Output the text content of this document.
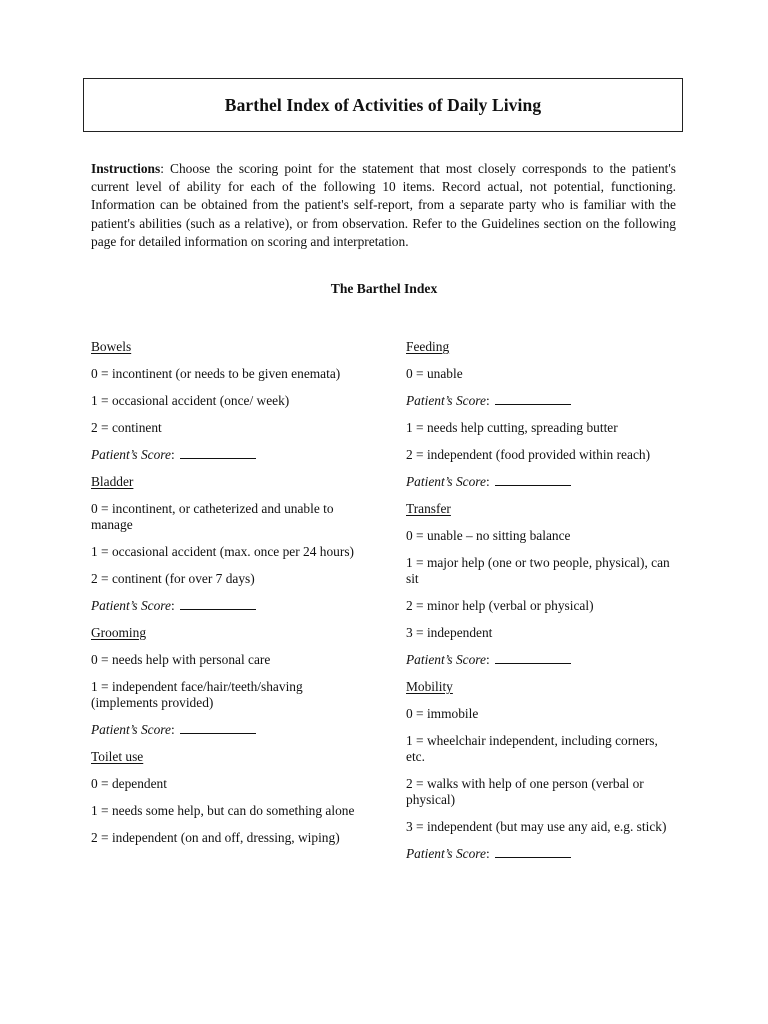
Barthel Index of Activities of Daily Living
Instructions: Choose the scoring point for the statement that most closely corresponds to the patient's current level of ability for each of the following 10 items. Record actual, not potential, functioning. Information can be obtained from the patient's self-report, from a separate party who is familiar with the patient's abilities (such as a relative), or from observation. Refer to the Guidelines section on the following page for detailed information on scoring and interpretation.
The Barthel Index
Bowels
0 = incontinent (or needs to be given enemata)
1 = occasional accident (once/ week)
2 = continent
Patient’s Score:
Bladder
0 = incontinent, or catheterized and unable to manage
1 = occasional accident (max. once per 24 hours)
2 = continent (for over 7 days)
Patient’s Score:
Grooming
0 = needs help with personal care
1 = independent face/hair/teeth/shaving (implements provided)
Patient’s Score:
Toilet use
0 = dependent
1 = needs some help, but can do something alone
2 = independent (on and off, dressing, wiping)
Feeding
0 = unable
Patient’s Score:
1 = needs help cutting, spreading butter
2 = independent (food provided within reach)
Patient’s Score:
Transfer
0 = unable – no sitting balance
1 = major help (one or two people, physical), can sit
2 = minor help (verbal or physical)
3 = independent
Patient’s Score:
Mobility
0 = immobile
1 = wheelchair independent, including corners, etc.
2 = walks with help of one person (verbal or physical)
3 = independent (but may use any aid, e.g. stick)
Patient’s Score:
